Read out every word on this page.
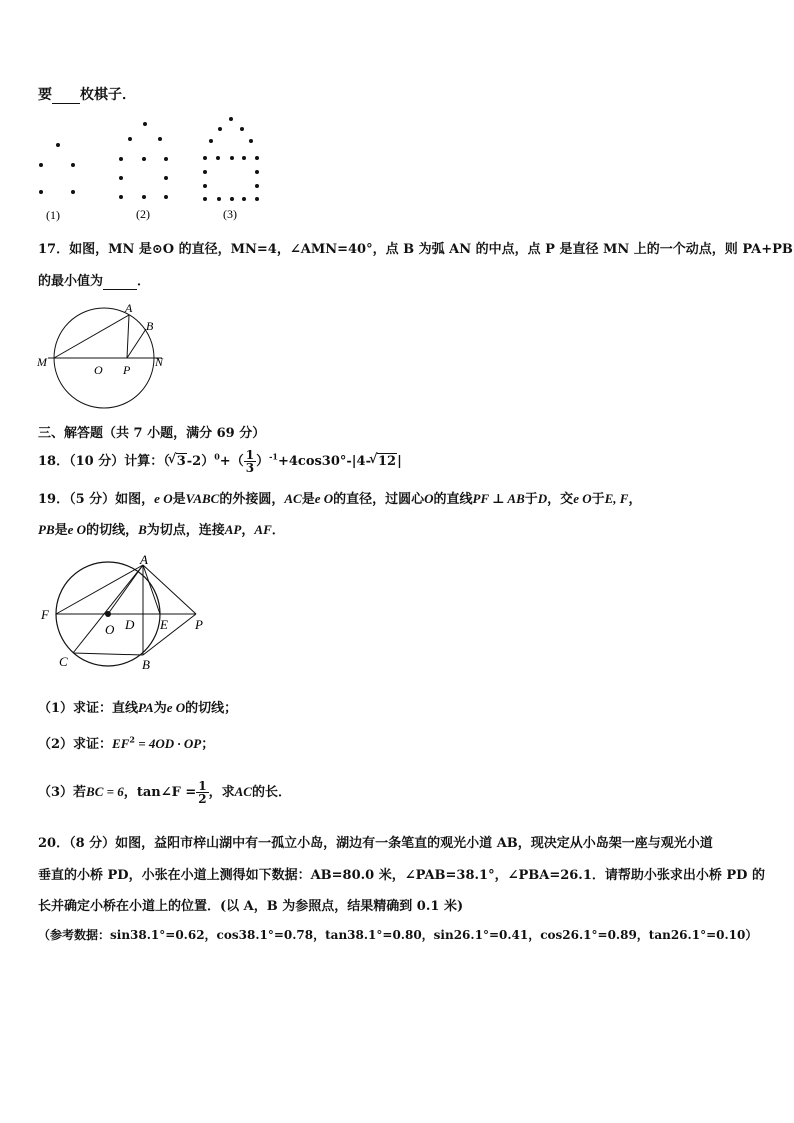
要 枚棋子．
(1)	(2)	(3)
17．如图，MN 是⊙O 的直径，MN=4，∠AMN=40°，点 B 为弧 AN 的中点，点 P 是直径 MN 上的一个动点，则 PA+PB
的最小值为	．
A
B
M
O P
N
三、解答题（共 7 小题，满分 69 分）
18．（10 分）计算：（√ $3-2)^0+( \frac{1}{3} )^{-1}+4\cos 30^\circ-|4-√$ 12|
19．（5 分）如图，e O是VABC的外接圆，AC是e O的直径，过圆心O的直线PF ⊥ AB于D，交e O于E, F，
PB是e O的切线，B为切点，连接AP，AF．
A
F
O D E P
C	B
（1）求证：直线PA为e O的切线；
（2）求证：$EF^2 = 4OD$ · OP；
（3）若BC = 6，tan∠F = $\frac{1}{2}$ ，求AC的长．
20．（8 分）如图，益阳市梓山湖中有一孤立小岛，湖边有一条笔直的观光小道 AB，现决定从小岛架一座与观光小道
垂直的小桥 PD，小张在小道上测得如下数据：AB=80.0 米，∠PAB=38.1°，∠PBA=26.1．请帮助小张求出小桥 PD 的
长并确定小桥在小道上的位置．(以 A，B 为参照点，结果精确到 0.1 米)
（参考数据：sin38.1°=0.62，cos38.1°=0.78，tan38.1°=0.80，sin26.1°=0.41，cos26.1°=0.89，tan26.1°=0.10）
